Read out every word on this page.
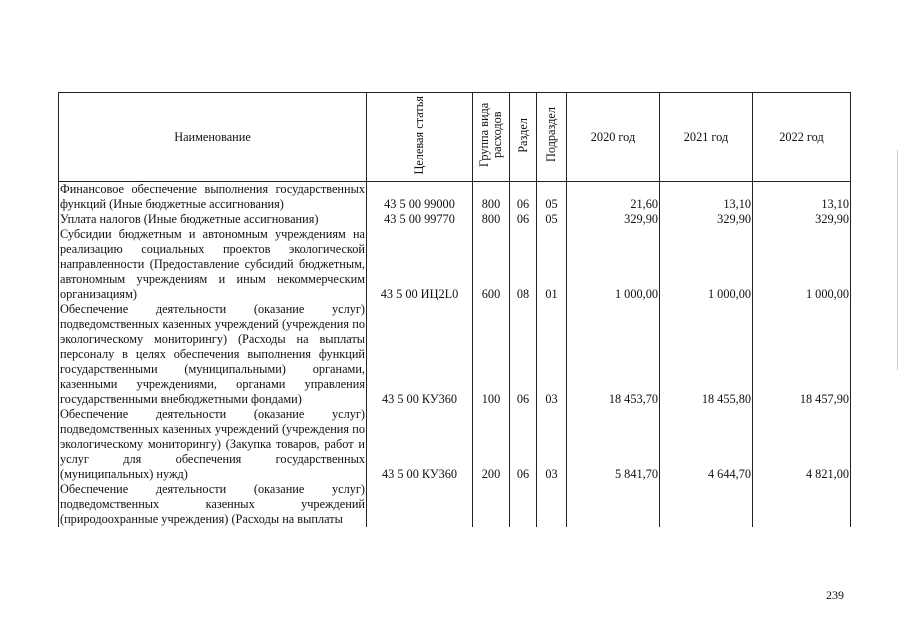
Наименование	Целевая статья	Группа вида расходов	Раздел	Подраздел	2020 год	2021 год	2022 год
Финансовое обеспечение выполнения государственных функций (Иные бюджетные ассигнования)	43 5 00 99000	800	06	05	21,60	13,10	13,10
Уплата налогов (Иные бюджетные ассигнования)	43 5 00 99770	800	06	05	329,90	329,90	329,90
Субсидии бюджетным и автономным учреждениям на реализацию социальных проектов экологической направленности (Предоставление субсидий бюджетным, автономным учреждениям и иным некоммерческим организациям)	43 5 00 ИЦ2L0	600	08	01	1 000,00	1 000,00	1 000,00
Обеспечение деятельности (оказание услуг) подведомственных казенных учреждений (учреждения по экологическому мониторингу) (Расходы на выплаты персоналу в целях обеспечения выполнения функций государственными (муниципальными) органами, казенными учреждениями, органами управления государственными внебюджетными фондами)	43 5 00 КУ360	100	06	03	18 453,70	18 455,80	18 457,90
Обеспечение деятельности (оказание услуг) подведомственных казенных учреждений (учреждения по экологическому мониторингу) (Закупка товаров, работ и услуг для обеспечения государственных (муниципальных) нужд)	43 5 00 КУ360	200	06	03	5 841,70	4 644,70	4 821,00
Обеспечение деятельности (оказание услуг) подведомственных казенных учреждений (природоохранные учреждения) (Расходы на выплаты							
239
